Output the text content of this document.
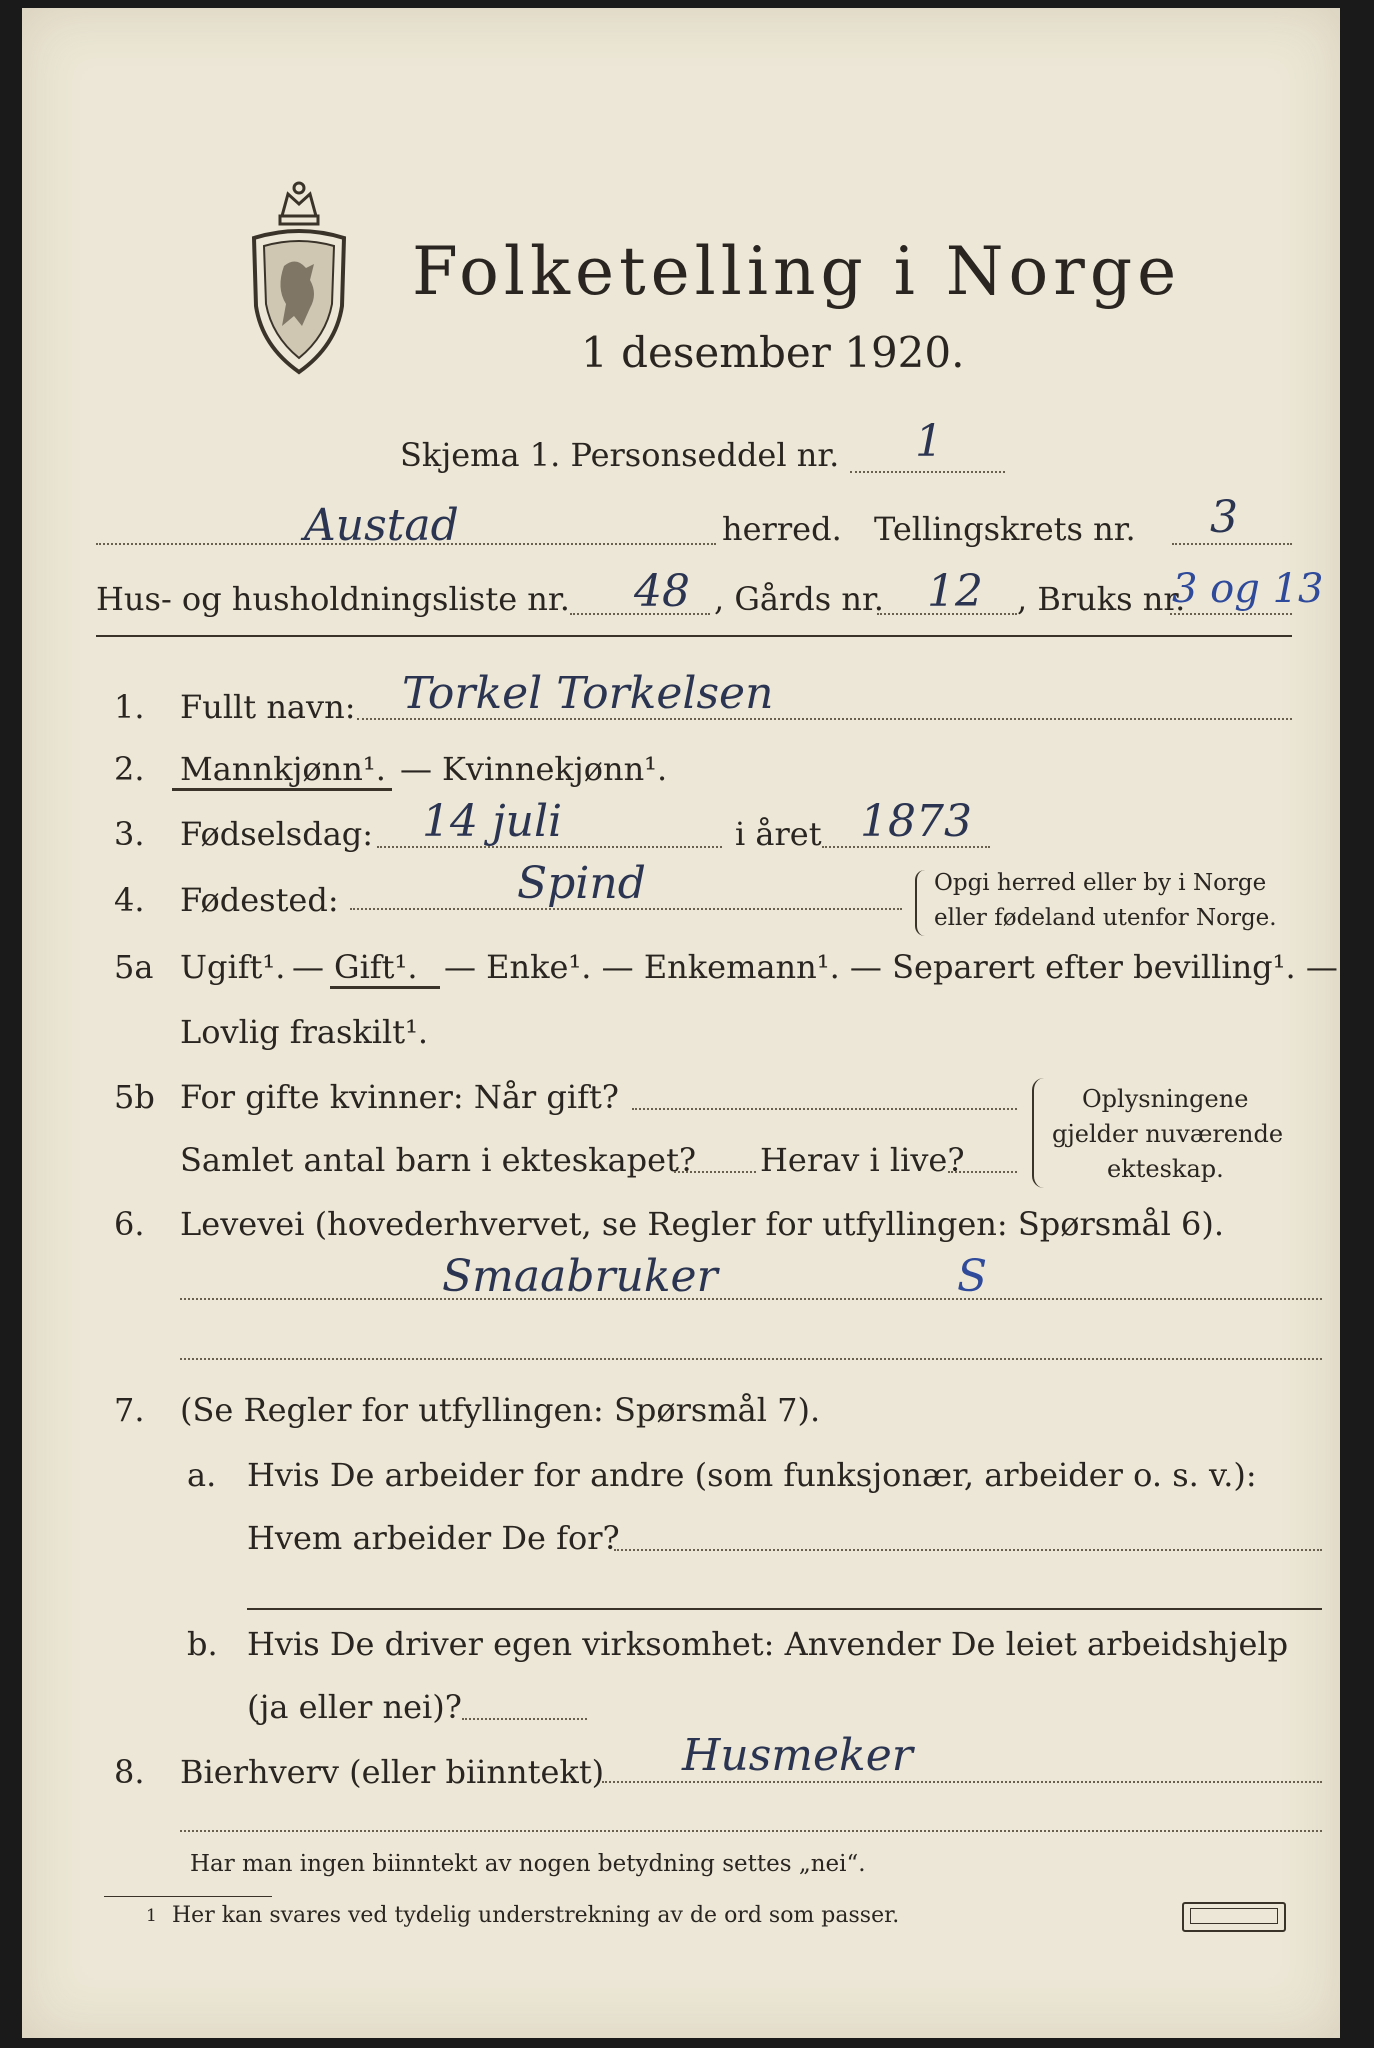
Folketelling i Norge
1 desember 1920.
Skjema 1. Personseddel nr. 1
Austad	herred. Tellingskrets nr. 3
Hus- og husholdningsliste nr. 48 , Gårds nr. 12 , Bruks nr.
3 og 13
1. Fullt navn: Torkel Torkelsen
2. Mannkjønn¹. — Kvinnekjønn¹.
3. Fødselsdag: 14 juli	i året 1873
4. Fødested:	Spind	Opgi herred eller by i Norge
eller fødeland utenfor Norge.
5a Ugift¹. — Gift¹. — Enke¹. — Enkemann¹. — Separert efter bevilling¹. —
Lovlig fraskilt¹.
5b For gifte kvinner: Når gift?
Samlet antal barn i ekteskapet? Herav i live?
Oplysningene
gjelder nuværende
ekteskap.
6. Levevei (hovederhvervet, se Regler for utfyllingen: Spørsmål 6).
Smaabruker	S
7. (Se Regler for utfyllingen: Spørsmål 7).
a. Hvis De arbeider for andre (som funksjonær, arbeider o. s. v.):
Hvem arbeider De for?
b. Hvis De driver egen virksomhet: Anvender De leiet arbeidshjelp
(ja eller nei)?
8. Bierhverv (eller biinntekt) Husmeker
Har man ingen biinntekt av nogen betydning settes „nei“.
1 Her kan svares ved tydelig understrekning av de ord som passer.
